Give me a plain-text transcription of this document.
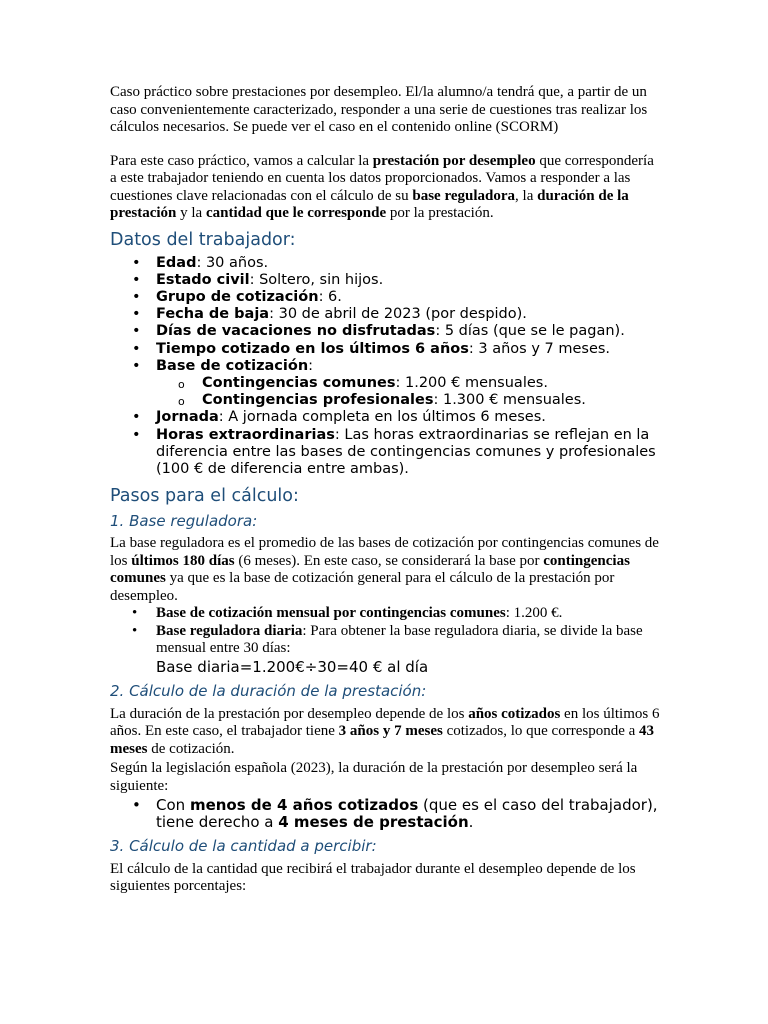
Caso práctico sobre prestaciones por desempleo. El/la alumno/a tendrá que, a partir de un caso convenientemente caracterizado, responder a una serie de cuestiones tras realizar los cálculos necesarios. Se puede ver el caso en el contenido online (SCORM)

Para este caso práctico, vamos a calcular la prestación por desempleo que correspondería a este trabajador teniendo en cuenta los datos proporcionados. Vamos a responder a las cuestiones clave relacionadas con el cálculo de su base reguladora, la duración de la prestación y la cantidad que le corresponde por la prestación.

Datos del trabajador:
• Edad: 30 años.
• Estado civil: Soltero, sin hijos.
• Grupo de cotización: 6.
• Fecha de baja: 30 de abril de 2023 (por despido).
• Días de vacaciones no disfrutadas: 5 días (que se le pagan).
• Tiempo cotizado en los últimos 6 años: 3 años y 7 meses.
• Base de cotización:
o Contingencias comunes: 1.200 € mensuales.
o Contingencias profesionales: 1.300 € mensuales.
• Jornada: A jornada completa en los últimos 6 meses.
• Horas extraordinarias: Las horas extraordinarias se reflejan en la diferencia entre las bases de contingencias comunes y profesionales (100 € de diferencia entre ambas).
Pasos para el cálculo:
1. Base reguladora:

La base reguladora es el promedio de las bases de cotización por contingencias comunes de los últimos 180 días (6 meses). En este caso, se considerará la base por contingencias comunes ya que es la base de cotización general para el cálculo de la prestación por desempleo.

• Base de cotización mensual por contingencias comunes: 1.200 €.
• Base reguladora diaria: Para obtener la base reguladora diaria, se divide la base mensual entre 30 días:
Base diaria=1.200€÷30=40 € al día
2. Cálculo de la duración de la prestación:

La duración de la prestación por desempleo depende de los años cotizados en los últimos 6 años. En este caso, el trabajador tiene 3 años y 7 meses cotizados, lo que corresponde a 43 meses de cotización.

Según la legislación española (2023), la duración de la prestación por desempleo será la siguiente:

• Con menos de 4 años cotizados (que es el caso del trabajador), tiene derecho a 4 meses de prestación.
3. Cálculo de la cantidad a percibir:

El cálculo de la cantidad que recibirá el trabajador durante el desempleo depende de los siguientes porcentajes:
